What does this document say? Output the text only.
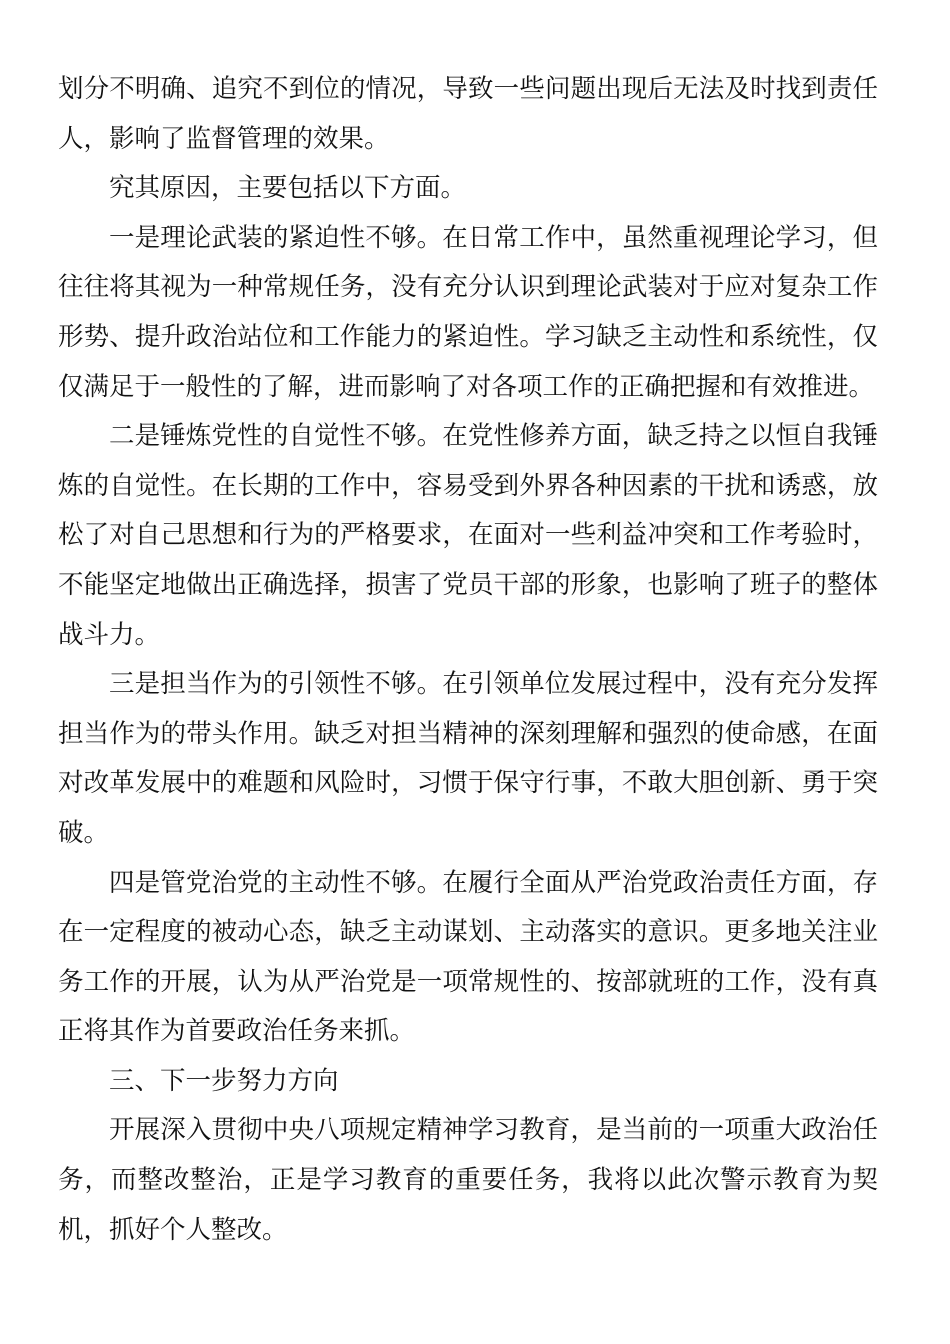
划分不明确、追究不到位的情况，导致一些问题出现后无法及时找到责任人，影响了监督管理的效果。

究其原因，主要包括以下方面。

一是理论武装的紧迫性不够。在日常工作中，虽然重视理论学习，但往往将其视为一种常规任务，没有充分认识到理论武装对于应对复杂工作形势、提升政治站位和工作能力的紧迫性。学习缺乏主动性和系统性，仅仅满足于一般性的了解，进而影响了对各项工作的正确把握和有效推进。

二是锤炼党性的自觉性不够。在党性修养方面，缺乏持之以恒自我锤炼的自觉性。在长期的工作中，容易受到外界各种因素的干扰和诱惑，放松了对自己思想和行为的严格要求，在面对一些利益冲突和工作考验时，不能坚定地做出正确选择，损害了党员干部的形象，也影响了班子的整体战斗力。

三是担当作为的引领性不够。在引领单位发展过程中，没有充分发挥担当作为的带头作用。缺乏对担当精神的深刻理解和强烈的使命感，在面对改革发展中的难题和风险时，习惯于保守行事，不敢大胆创新、勇于突破。

四是管党治党的主动性不够。在履行全面从严治党政治责任方面，存在一定程度的被动心态，缺乏主动谋划、主动落实的意识。更多地关注业务工作的开展，认为从严治党是一项常规性的、按部就班的工作，没有真正将其作为首要政治任务来抓。

三、下一步努力方向

开展深入贯彻中央八项规定精神学习教育，是当前的一项重大政治任务，而整改整治，正是学习教育的重要任务，我将以此次警示教育为契机，抓好个人整改。
